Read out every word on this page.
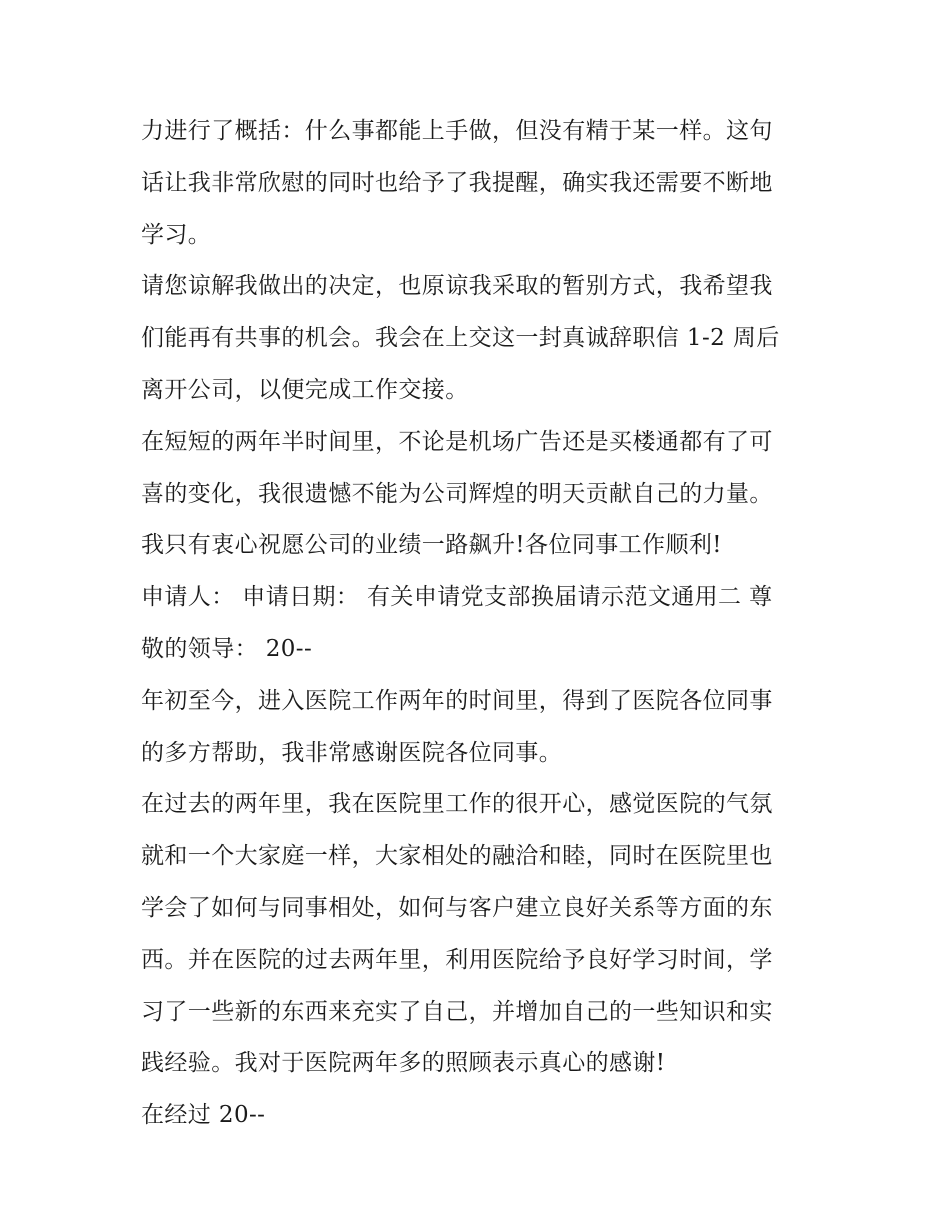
力进行了概括：什么事都能上手做，但没有精于某一样。这句
话让我非常欣慰的同时也给予了我提醒，确实我还需要不断地
学习。
请您谅解我做出的决定，也原谅我采取的暂别方式，我希望我
们能再有共事的机会。我会在上交这一封真诚辞职信 1-2 周后
离开公司，以便完成工作交接。
在短短的两年半时间里，不论是机场广告还是买楼通都有了可
喜的变化，我很遗憾不能为公司辉煌的明天贡献自己的力量。
我只有衷心祝愿公司的业绩一路飙升!各位同事工作顺利!
申请人： 申请日期： 有关申请党支部换届请示范文通用二 尊
敬的领导： 20--
年初至今，进入医院工作两年的时间里，得到了医院各位同事
的多方帮助，我非常感谢医院各位同事。
在过去的两年里，我在医院里工作的很开心，感觉医院的气氛
就和一个大家庭一样，大家相处的融洽和睦，同时在医院里也
学会了如何与同事相处，如何与客户建立良好关系等方面的东
西。并在医院的过去两年里，利用医院给予良好学习时间，学
习了一些新的东西来充实了自己，并增加自己的一些知识和实
践经验。我对于医院两年多的照顾表示真心的感谢!
在经过 20--
